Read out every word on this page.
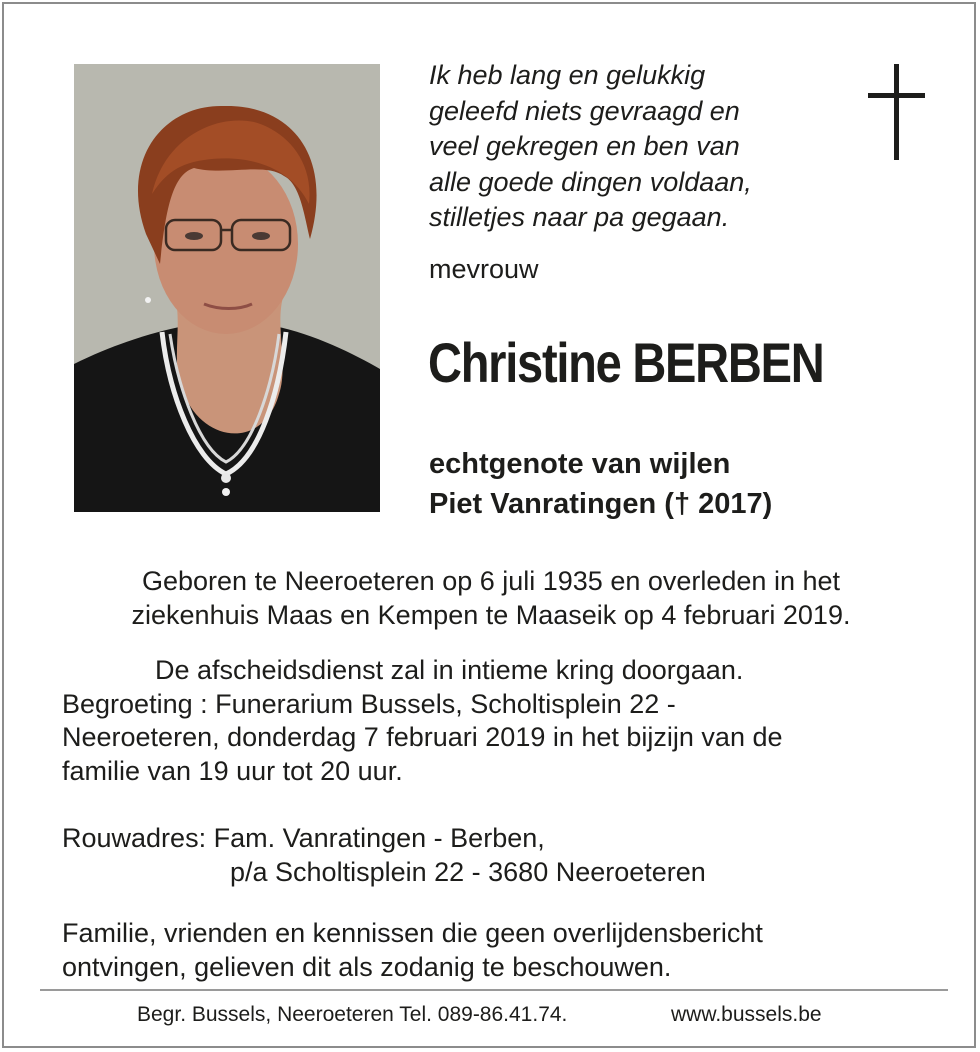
Ik heb lang en gelukkig
geleefd niets gevraagd en
veel gekregen en ben van
alle goede dingen voldaan,
stilletjes naar pa gegaan.
mevrouw
Christine BERBEN
echtgenote van wijlen
Piet Vanratingen († 2017)
Geboren te Neeroeteren op 6 juli 1935 en overleden in het
ziekenhuis Maas en Kempen te Maaseik op 4 februari 2019.
De afscheidsdienst zal in intieme kring doorgaan.
Begroeting : Funerarium Bussels, Scholtisplein 22 -
Neeroeteren, donderdag 7 februari 2019 in het bijzijn van de
familie van 19 uur tot 20 uur.
Rouwadres: Fam. Vanratingen - Berben,
p/a Scholtisplein 22 - 3680 Neeroeteren
Familie, vrienden en kennissen die geen overlijdensbericht
ontvingen, gelieven dit als zodanig te beschouwen.
Begr. Bussels, Neeroeteren Tel. 089-86.41.74.	www.bussels.be
